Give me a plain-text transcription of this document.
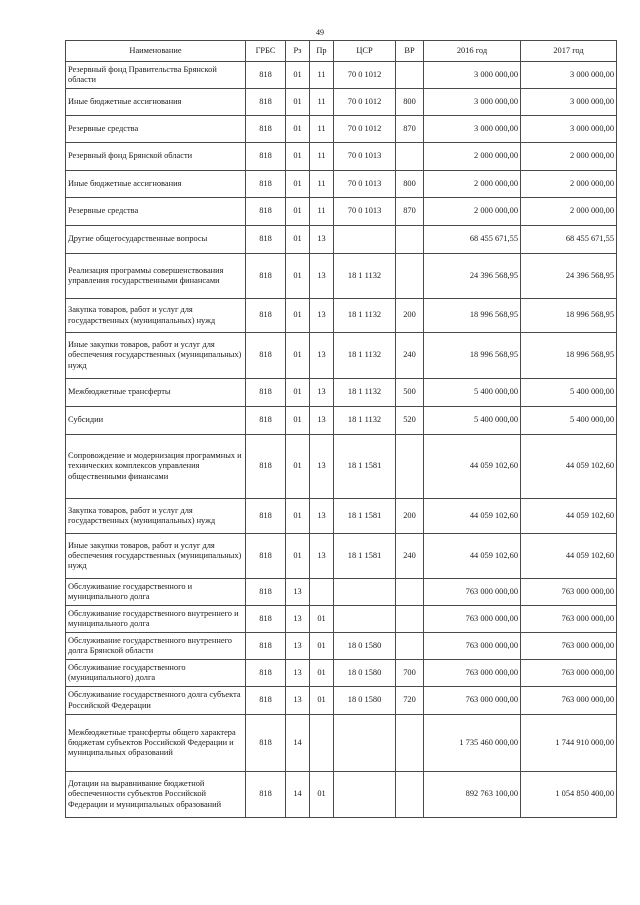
49
Наименование	ГРБС	Рз	Пр	ЦСР	ВР	2016 год	2017 год
Резервный фонд Правительства Брянской области	818	01	11	70 0 1012		3 000 000,00	3 000 000,00
Иные бюджетные ассигнования	818	01	11	70 0 1012	800	3 000 000,00	3 000 000,00
Резервные средства	818	01	11	70 0 1012	870	3 000 000,00	3 000 000,00
Резервный фонд Брянской области	818	01	11	70 0 1013		2 000 000,00	2 000 000,00
Иные бюджетные ассигнования	818	01	11	70 0 1013	800	2 000 000,00	2 000 000,00
Резервные средства	818	01	11	70 0 1013	870	2 000 000,00	2 000 000,00
Другие общегосударственные вопросы	818	01	13			68 455 671,55	68 455 671,55
Реализация программы совершенствования управления государственными финансами	818	01	13	18 1 1132		24 396 568,95	24 396 568,95
Закупка товаров, работ и услуг для государственных (муниципальных) нужд	818	01	13	18 1 1132	200	18 996 568,95	18 996 568,95
Иные закупки товаров, работ и услуг для обеспечения государственных (муниципальных) нужд	818	01	13	18 1 1132	240	18 996 568,95	18 996 568,95
Межбюджетные трансферты	818	01	13	18 1 1132	500	5 400 000,00	5 400 000,00
Субсидии	818	01	13	18 1 1132	520	5 400 000,00	5 400 000,00
Сопровождение и модернизация программных и технических комплексов управления общественными финансами	818	01	13	18 1 1581		44 059 102,60	44 059 102,60
Закупка товаров, работ и услуг для государственных (муниципальных) нужд	818	01	13	18 1 1581	200	44 059 102,60	44 059 102,60
Иные закупки товаров, работ и услуг для обеспечения государственных (муниципальных) нужд	818	01	13	18 1 1581	240	44 059 102,60	44 059 102,60
Обслуживание государственного и муниципального долга	818	13				763 000 000,00	763 000 000,00
Обслуживание государственного внутреннего и муниципального долга	818	13	01			763 000 000,00	763 000 000,00
Обслуживание государственного внутреннего долга Брянской области	818	13	01	18 0 1580		763 000 000,00	763 000 000,00
Обслуживание государственного (муниципального) долга	818	13	01	18 0 1580	700	763 000 000,00	763 000 000,00
Обслуживание государственного долга субъекта Российской Федерации	818	13	01	18 0 1580	720	763 000 000,00	763 000 000,00
Межбюджетные трансферты общего характера бюджетам субъектов Российской Федерации и муниципальных образований	818	14				1 735 460 000,00	1 744 910 000,00
Дотации на выравнивание бюджетной обеспеченности субъектов Российской Федерации и муниципальных образований	818	14	01			892 763 100,00	1 054 850 400,00
